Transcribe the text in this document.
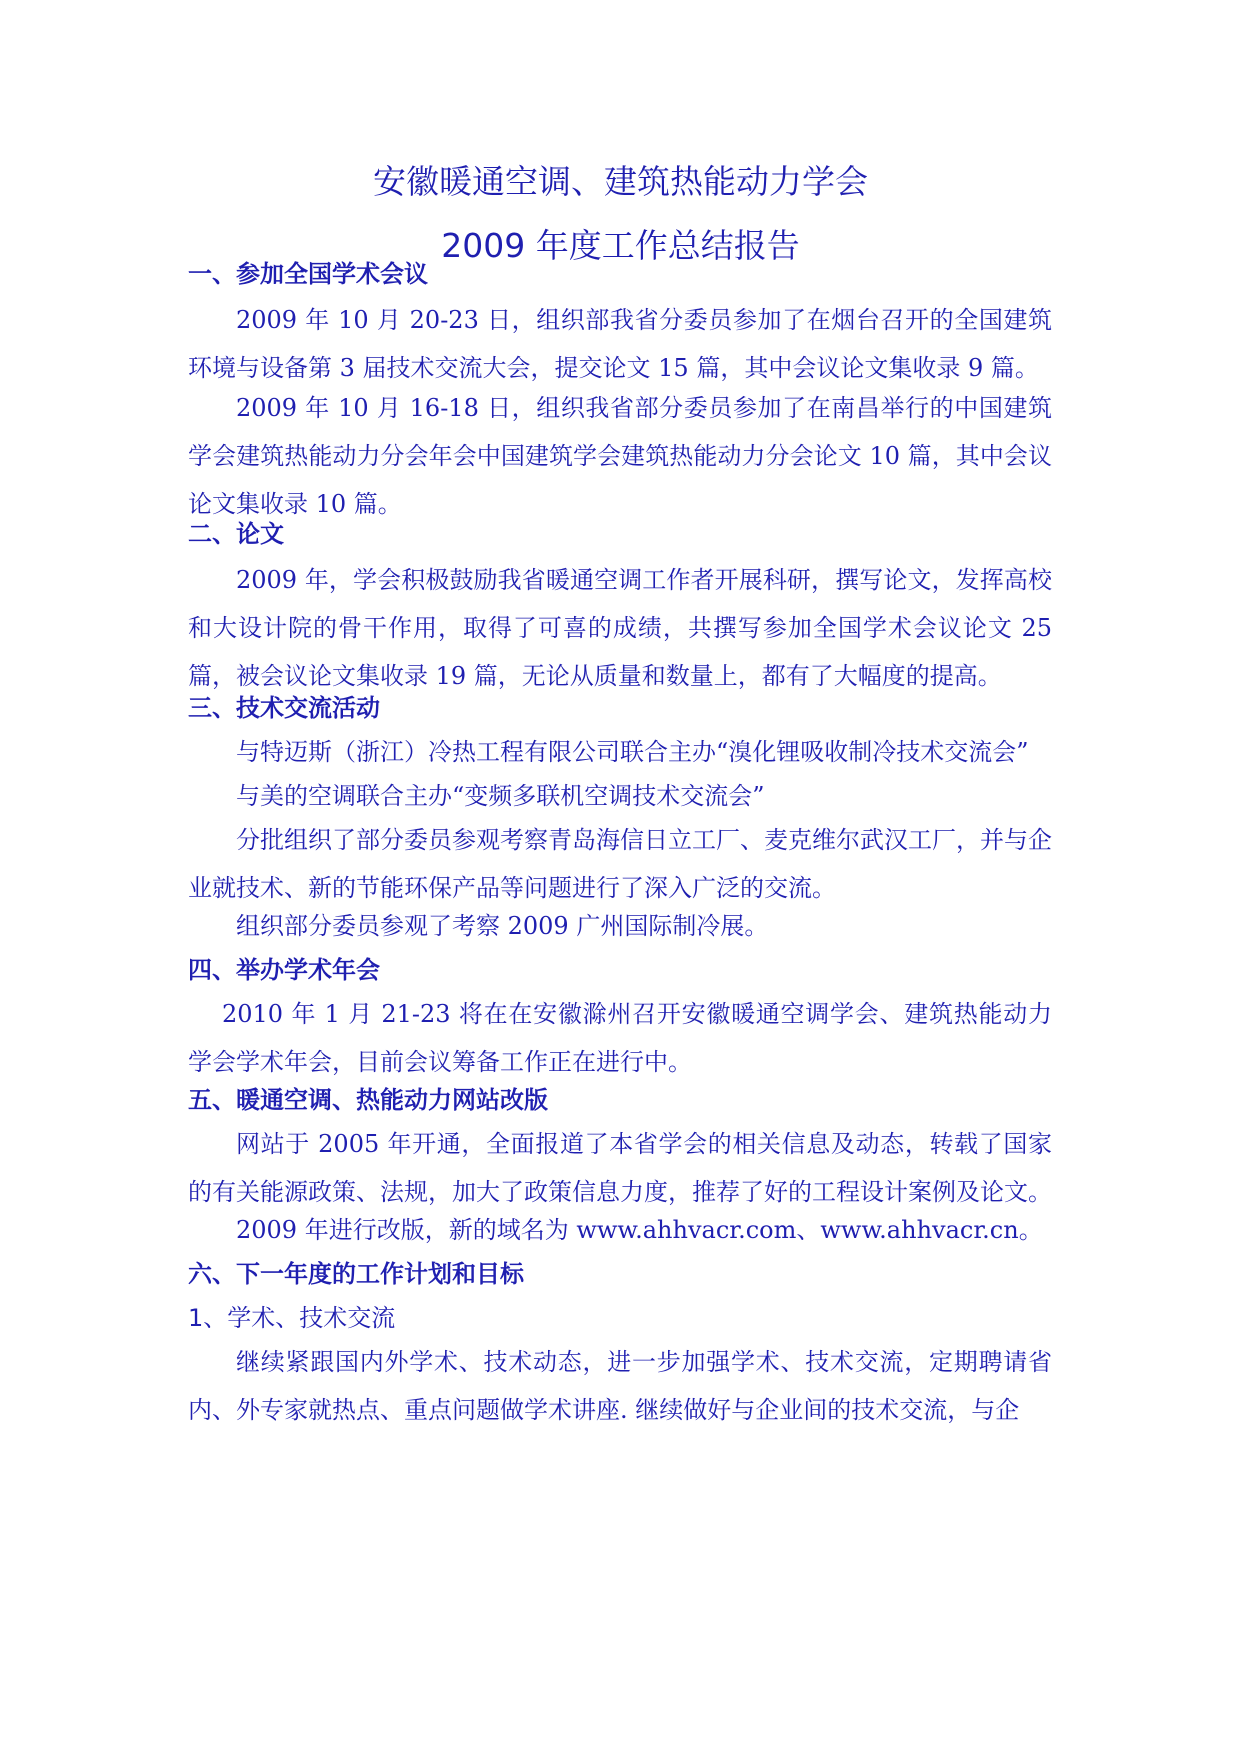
安徽暖通空调、建筑热能动力学会
2009 年度工作总结报告
一、参加全国学术会议
2009 年 10 月 20-23 日，组织部我省分委员参加了在烟台召开的全国建筑环境与设备第 3 届技术交流大会，提交论文 15 篇，其中会议论文集收录 9 篇。
2009 年 10 月 16-18 日，组织我省部分委员参加了在南昌举行的中国建筑学会建筑热能动力分会年会中国建筑学会建筑热能动力分会论文 10 篇，其中会议论文集收录 10 篇。
二、论文
2009 年，学会积极鼓励我省暖通空调工作者开展科研，撰写论文，发挥高校和大设计院的骨干作用，取得了可喜的成绩，共撰写参加全国学术会议论文 25 篇，被会议论文集收录 19 篇，无论从质量和数量上，都有了大幅度的提高。
三、技术交流活动
与特迈斯（浙江）冷热工程有限公司联合主办“溴化锂吸收制冷技术交流会”
与美的空调联合主办“变频多联机空调技术交流会”
分批组织了部分委员参观考察青岛海信日立工厂、麦克维尔武汉工厂，并与企业就技术、新的节能环保产品等问题进行了深入广泛的交流。
组织部分委员参观了考察 2009 广州国际制冷展。
四、举办学术年会
2010 年 1 月 21-23 将在在安徽滁州召开安徽暖通空调学会、建筑热能动力学会学术年会，目前会议筹备工作正在进行中。
五、暖通空调、热能动力网站改版
网站于 2005 年开通，全面报道了本省学会的相关信息及动态，转载了国家的有关能源政策、法规，加大了政策信息力度，推荐了好的工程设计案例及论文。
2009 年进行改版，新的域名为 www.ahhvacr.com、www.ahhvacr.cn。
六、下一年度的工作计划和目标
1、学术、技术交流
继续紧跟国内外学术、技术动态，进一步加强学术、技术交流，定期聘请省内、外专家就热点、重点问题做学术讲座. 继续做好与企业间的技术交流，与企
